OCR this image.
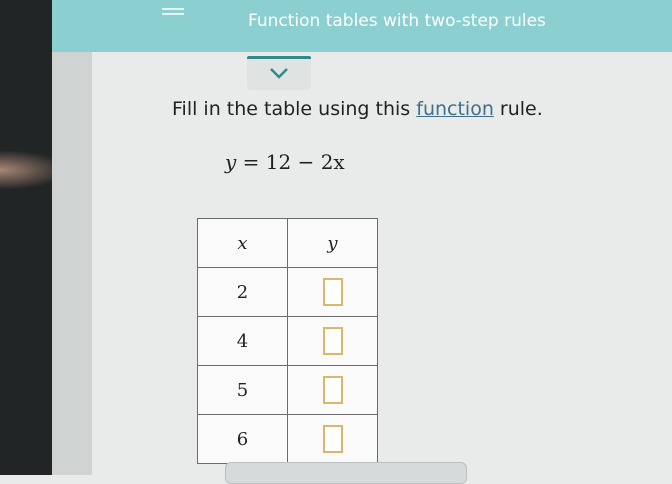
Function tables with two-step rules
Fill in the table using this function rule.
y = 12 − 2x
x	y
2	
4	
5	
6	
